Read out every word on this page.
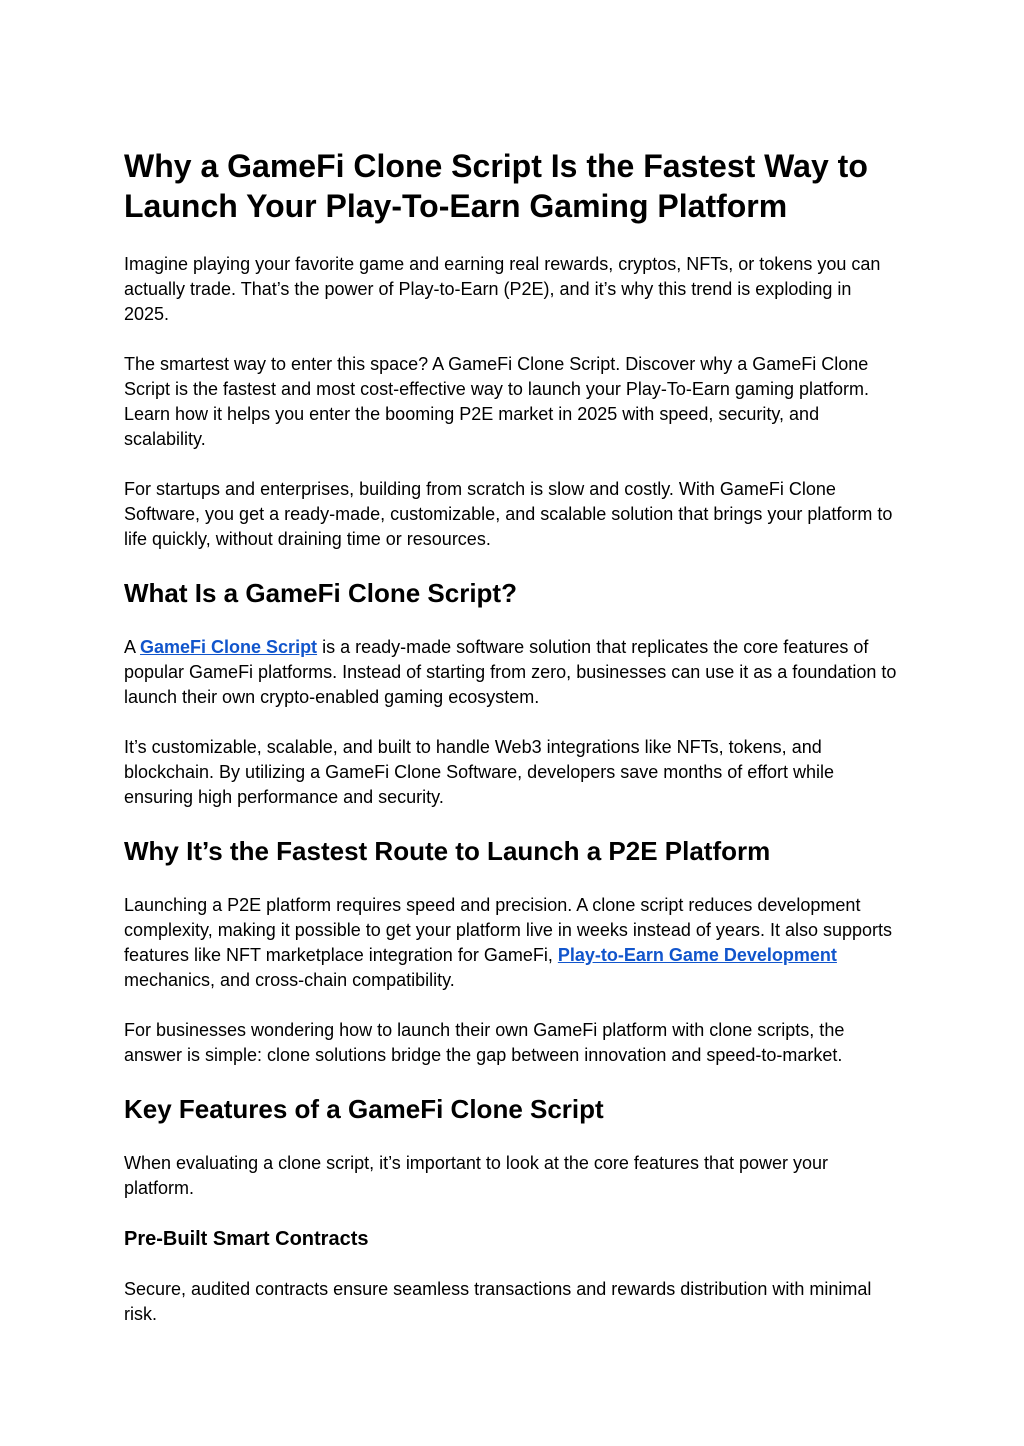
Why a GameFi Clone Script Is the Fastest Way to Launch Your Play-To-Earn Gaming Platform

Imagine playing your favorite game and earning real rewards, cryptos, NFTs, or tokens you can actually trade. That’s the power of Play-to-Earn (P2E), and it’s why this trend is exploding in 2025.

The smartest way to enter this space? A GameFi Clone Script. Discover why a GameFi Clone Script is the fastest and most cost-effective way to launch your Play-To-Earn gaming platform. Learn how it helps you enter the booming P2E market in 2025 with speed, security, and scalability.

For startups and enterprises, building from scratch is slow and costly. With GameFi Clone Software, you get a ready-made, customizable, and scalable solution that brings your platform to life quickly, without draining time or resources.

What Is a GameFi Clone Script?

A GameFi Clone Script is a ready-made software solution that replicates the core features of popular GameFi platforms. Instead of starting from zero, businesses can use it as a foundation to launch their own crypto-enabled gaming ecosystem.

It’s customizable, scalable, and built to handle Web3 integrations like NFTs, tokens, and blockchain. By utilizing a GameFi Clone Software, developers save months of effort while ensuring high performance and security.

Why It’s the Fastest Route to Launch a P2E Platform

Launching a P2E platform requires speed and precision. A clone script reduces development complexity, making it possible to get your platform live in weeks instead of years. It also supports features like NFT marketplace integration for GameFi, Play-to-Earn Game Development mechanics, and cross-chain compatibility.

For businesses wondering how to launch their own GameFi platform with clone scripts, the answer is simple: clone solutions bridge the gap between innovation and speed-to-market.

Key Features of a GameFi Clone Script

When evaluating a clone script, it’s important to look at the core features that power your platform.

Pre-Built Smart Contracts

Secure, audited contracts ensure seamless transactions and rewards distribution with minimal risk.
